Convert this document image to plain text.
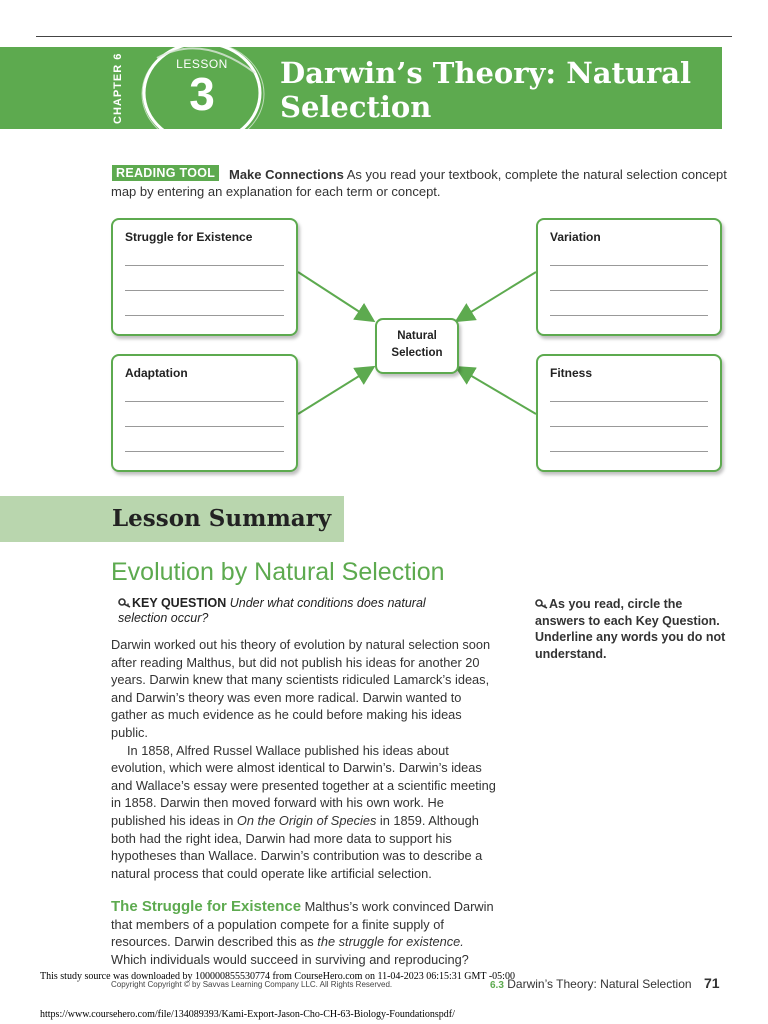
CHAPTER 6	LESSON
3	Darwin’s Theory: Natural Selection
Make Connections As you read your textbook, complete the natural selection concept map by entering an explanation for each term or concept.
READING TOOL
Struggle for Existence	Variation
Adaptation	Fitness
Natural
Selection
Lesson Summary
Evolution by Natural Selection
KEY QUESTION Under what conditions does natural selection occur?
As you read, circle the answers to each Key Question. Underline any words you do not understand.

Darwin worked out his theory of evolution by natural selection soon after reading Malthus, but did not publish his ideas for another 20 years. Darwin knew that many scientists ridiculed Lamarck’s ideas, and Darwin’s theory was even more radical. Darwin wanted to gather as much evidence as he could before making his ideas public.

In 1858, Alfred Russel Wallace published his ideas about evolution, which were almost identical to Darwin’s. Darwin’s ideas and Wallace’s essay were presented together at a scientific meeting in 1858. Darwin then moved forward with his own work. He published his ideas in On the Origin of Species in 1859. Although both had the right idea, Darwin had more data to support his hypotheses than Wallace. Darwin’s contribution was to describe a natural process that could operate like artificial selection.

The Struggle for Existence Malthus’s work convinced Darwin that members of a population compete for a finite supply of resources. Darwin described this as the struggle for existence. Which individuals would succeed in surviving and reproducing?
Copyright Copyright © by Savvas Learning Company LLC. All Rights Reserved.	6.3 Darwin’s Theory: Natural Selection 71
This study source was downloaded by 100000855530774 from CourseHero.com on 11-04-2023 06:15:31 GMT -05:00
https://www.coursehero.com/file/134089393/Kami-Export-Jason-Cho-CH-63-Biology-Foundationspdf/
